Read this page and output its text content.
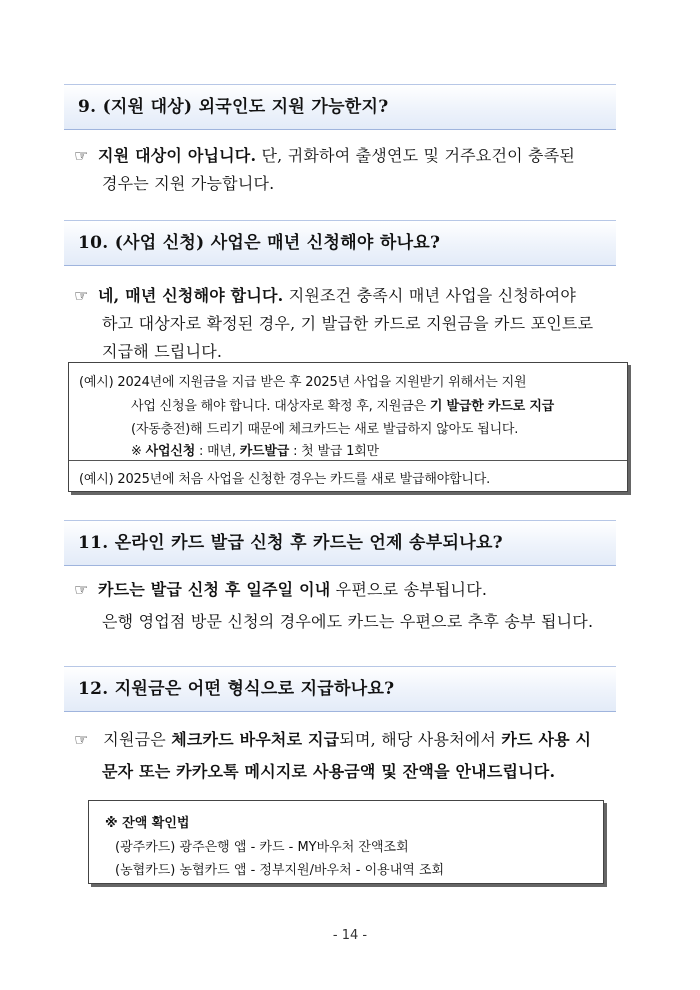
9. (지원 대상) 외국인도 지원 가능한지?
☞ 지원 대상이 아닙니다. 단, 귀화하여 출생연도 및 거주요건이 충족된
경우는 지원 가능합니다.
10. (사업 신청) 사업은 매년 신청해야 하나요?
☞ 네, 매년 신청해야 합니다. 지원조건 충족시 매년 사업을 신청하여야
하고 대상자로 확정된 경우, 기 발급한 카드로 지원금을 카드 포인트로
지급해 드립니다.
(예시) 2024년에 지원금을 지급 받은 후 2025년 사업을 지원받기 위해서는 지원
사업 신청을 해야 합니다. 대상자로 확정 후, 지원금은 기 발급한 카드로 지급
(자동충전)해 드리기 때문에 체크카드는 새로 발급하지 않아도 됩니다.
※ 사업신청 : 매년, 카드발급 : 첫 발급 1회만
(예시) 2025년에 처음 사업을 신청한 경우는 카드를 새로 발급해야합니다.
11. 온라인 카드 발급 신청 후 카드는 언제 송부되나요?
☞ 카드는 발급 신청 후 일주일 이내 우편으로 송부됩니다.
은행 영업점 방문 신청의 경우에도 카드는 우편으로 추후 송부 됩니다.
12. 지원금은 어떤 형식으로 지급하나요?
☞ 지원금은 체크카드 바우처로 지급되며, 해당 사용처에서 카드 사용 시
문자 또는 카카오톡 메시지로 사용금액 및 잔액을 안내드립니다.
※ 잔액 확인법
(광주카드) 광주은행 앱 - 카드 - MY바우처 잔액조회
(농협카드) 농협카드 앱 - 정부지원/바우처 - 이용내역 조회
- 14 -
